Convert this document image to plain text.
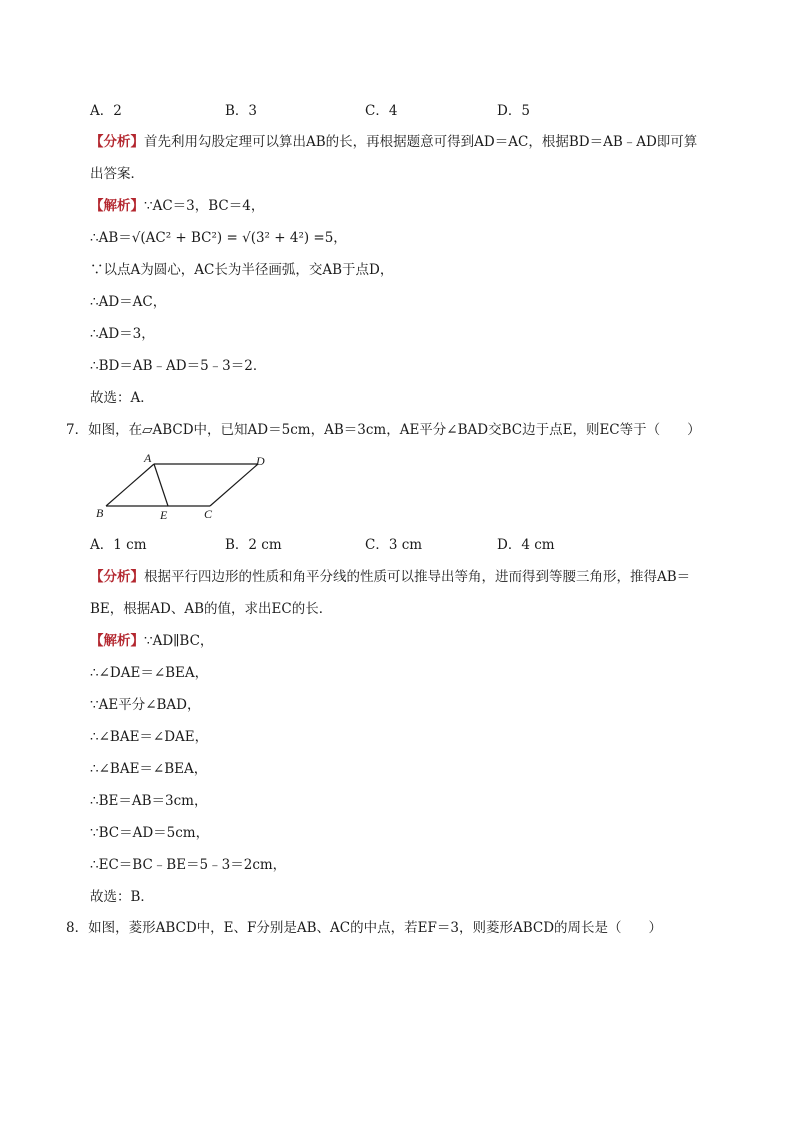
A．2	B．3	C．4	D．5
【分析】首先利用勾股定理可以算出AB的长，再根据题意可得到AD＝AC，根据BD＝AB﹣AD即可算
出答案．
【解析】∵AC＝3，BC＝4，
∴AB＝√(AC² + BC²) = √(3² + 4²) =5，
∵以点A为圆心，AC长为半径画弧，交AB于点D，
∴AD＝AC，
∴AD＝3，
∴BD＝AB﹣AD＝5﹣3＝2．
故选：A．
7．如图，在▱ABCD中，已知AD＝5cm，AB＝3cm，AE平分∠BAD交BC边于点E，则EC等于（　　）
A	D
B	E	C
A．1 cm	B．2 cm	C．3 cm	D．4 cm
【分析】根据平行四边形的性质和角平分线的性质可以推导出等角，进而得到等腰三角形，推得AB＝
BE，根据AD、AB的值，求出EC的长．
【解析】∵AD∥BC，
∴∠DAE＝∠BEA，
∵AE平分∠BAD，
∴∠BAE＝∠DAE，
∴∠BAE＝∠BEA，
∴BE＝AB＝3cm，
∵BC＝AD＝5cm，
∴EC＝BC﹣BE＝5﹣3＝2cm，
故选：B．
8．如图，菱形ABCD中，E、F分别是AB、AC的中点，若EF＝3，则菱形ABCD的周长是（　　）
